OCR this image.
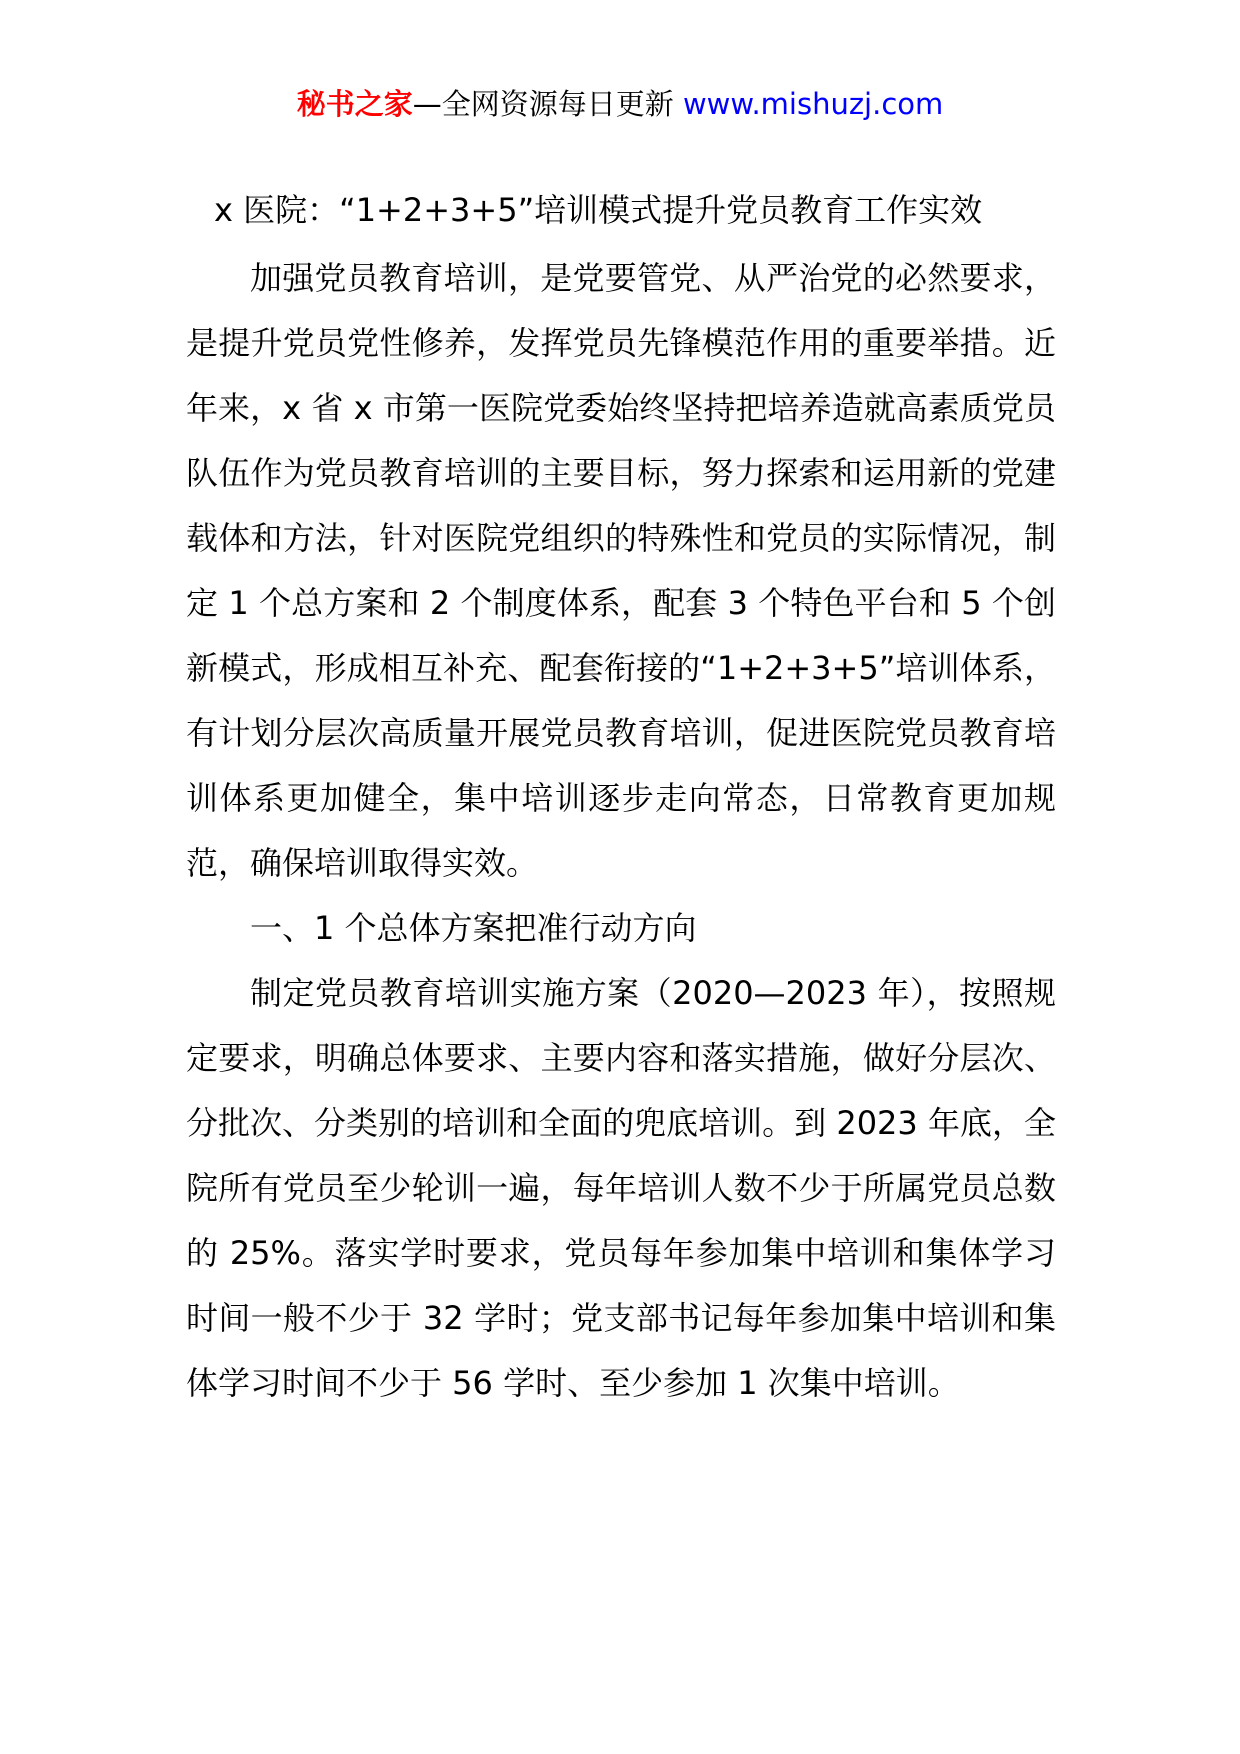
秘书之家—全网资源每日更新 www.mishuzj.com
x 医院：“1+2+3+5”培训模式提升党员教育工作实效

加强党员教育培训，是党要管党、从严治党的必然要求，是提升党员党性修养，发挥党员先锋模范作用的重要举措。近年来，x 省 x 市第一医院党委始终坚持把培养造就高素质党员队伍作为党员教育培训的主要目标，努力探索和运用新的党建载体和方法，针对医院党组织的特殊性和党员的实际情况，制定 1 个总方案和 2 个制度体系，配套 3 个特色平台和 5 个创新模式，形成相互补充、配套衔接的“1+2+3+5”培训体系，有计划分层次高质量开展党员教育培训，促进医院党员教育培训体系更加健全，集中培训逐步走向常态，日常教育更加规范，确保培训取得实效。

一、1 个总体方案把准行动方向

制定党员教育培训实施方案（2020—2023 年），按照规定要求，明确总体要求、主要内容和落实措施，做好分层次、分批次、分类别的培训和全面的兜底培训。到 2023 年底，全院所有党员至少轮训一遍，每年培训人数不少于所属党员总数的 25%。落实学时要求，党员每年参加集中培训和集体学习时间一般不少于 32 学时；党支部书记每年参加集中培训和集体学习时间不少于 56 学时、至少参加 1 次集中培训。
